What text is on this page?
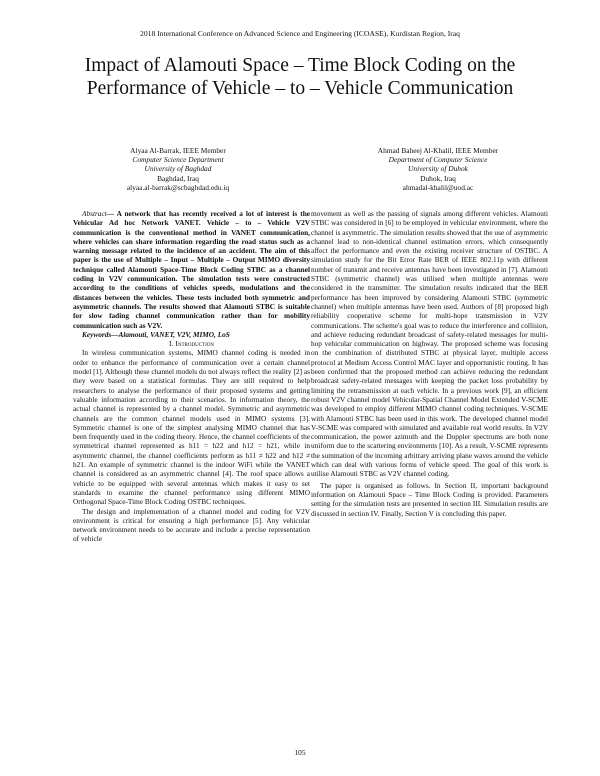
2018 International Conference on Advanced Science and Engineering (ICOASE), Kurdistan Region, Iraq
Impact of Alamouti Space – Time Block Coding on the Performance of Vehicle – to – Vehicle Communication
Alyaa Al-Barrak, IEEE Member
Computer Science Department
University of Baghdad
Baghdad, Iraq
alyaa.al-barrak@scbaghdad.edu.iq
Ahmad Baheej Al-Khalil, IEEE Member
Department of Computer Science
University of Duhok
Duhok, Iraq
ahmadal-khalil@uod.ac

Abstract— A network that has recently received a lot of interest is the Vehicular Ad hoc Network VANET. Vehicle – to – Vehicle V2V communication is the conventional method in VANET communication, where vehicles can share information regarding the road status such as a warning message related to the incidence of an accident. The aim of this paper is the use of Multiple – Input – Multiple – Output MIMO diversity technique called Alamouti Space-Time Block Coding STBC as a channel coding in V2V communication. The simulation tests were constructed according to the conditions of vehicles speeds, modulations and the distances between the vehicles. These tests included both symmetric and asymmetric channels. The results showed that Alamouti STBC is suitable for slow fading channel communication rather than for mobility communication such as V2V.

Keywords—Alamouti, VANET, V2V, MIMO, LoS

I. Introduction

In wireless communication systems, MIMO channel coding is needed in order to enhance the performance of communication over a certain channel model [1]. Although these channel models do not always reflect the reality [2] as they were based on a statistical formulas. They are still required to help researchers to analyse the performance of their proposed systems and getting valuable information according to their scenarios. In information theory, the actual channel is represented by a channel model. Symmetric and asymmetric channels are the common channel models used in MIMO systems [3]. Symmetric channel is one of the simplest analysing MIMO channel that has been frequently used in the coding theory. Hence, the channel coefficients of the symmetrical channel represented as h11 = h22 and h12 = h21, while in asymmetric channel, the channel coefficients perform as h11 ≠ h22 and h12 ≠ h21. An example of symmetric channel is the indoor WiFi while the VANET channel is considered as an asymmetric channel [4]. The roof space allows a vehicle to be equipped with several antennas which makes it easy to set standards to examine the channel performance using different MIMO Orthogonal Space-Time Block Coding OSTBC techniques.

The design and implementation of a channel model and coding for V2V environment is critical for ensuring a high performance [5]. Any vehicular network environment needs to be accurate and include a precise representation of vehicle

movement as well as the passing of signals among different vehicles. Alamouti STBC was considered in [6] to be employed in vehicular environment, where the channel is asymmetric. The simulation results showed that the use of asymmetric channel lead to non-identical channel estimation errors, which consequently affect the performance and even the existing receiver structure of OSTBC. A simulation study for the Bit Error Rate BER of IEEE 802.11p with different number of transmit and receive antennas have been investigated in [7]. Alamouti STBC (symmetric channel) was utilised when multiple antennas were considered in the transmitter. The simulation results indicated that the BER performance has been improved by considering Alamouti STBC (symmetric channel) when multiple antennas have been used. Authors of [8] proposed high reliability cooperative scheme for multi-hope transmission in V2V communications. The scheme's goal was to reduce the interference and collision, and achieve reducing redundant broadcast of safety-related messages for multi-hop vehicular communication on highway. The proposed scheme was focusing on the combination of distributed STBC at physical layer, multiple access protocol at Medium Access Control MAC layer and opportunistic routing. It has been confirmed that the proposed method can achieve reducing the redundant broadcast safety-related messages with keeping the packet loss probability by limiting the retransmission at each vehicle. In a previous work [9], an efficient robust V2V channel model Vehicular-Spatial Channel Model Extended V-SCME was developed to employ different MIMO channel coding techniques. V-SCME with Alamouti STBC has been used in this work. The developed channel model V-SCME was compared with simulated and available real world results. In V2V communication, the power azimuth and the Doppler spectrums are both none uniform due to the scattering environments [10]. As a result, V-SCME represents the summation of the incoming arbitrary arriving plane waves around the vehicle which can deal with various forms of vehicle speed. The goal of this work is utilise Alamouti STBC as V2V channel coding.

The paper is organised as follows. In Section II, important background information on Alamouti Space – Time Block Coding is provided. Parameters setting for the simulation tests are presented in section III. Simulation results are discussed in section IV. Finally, Section V is concluding this paper.

105
